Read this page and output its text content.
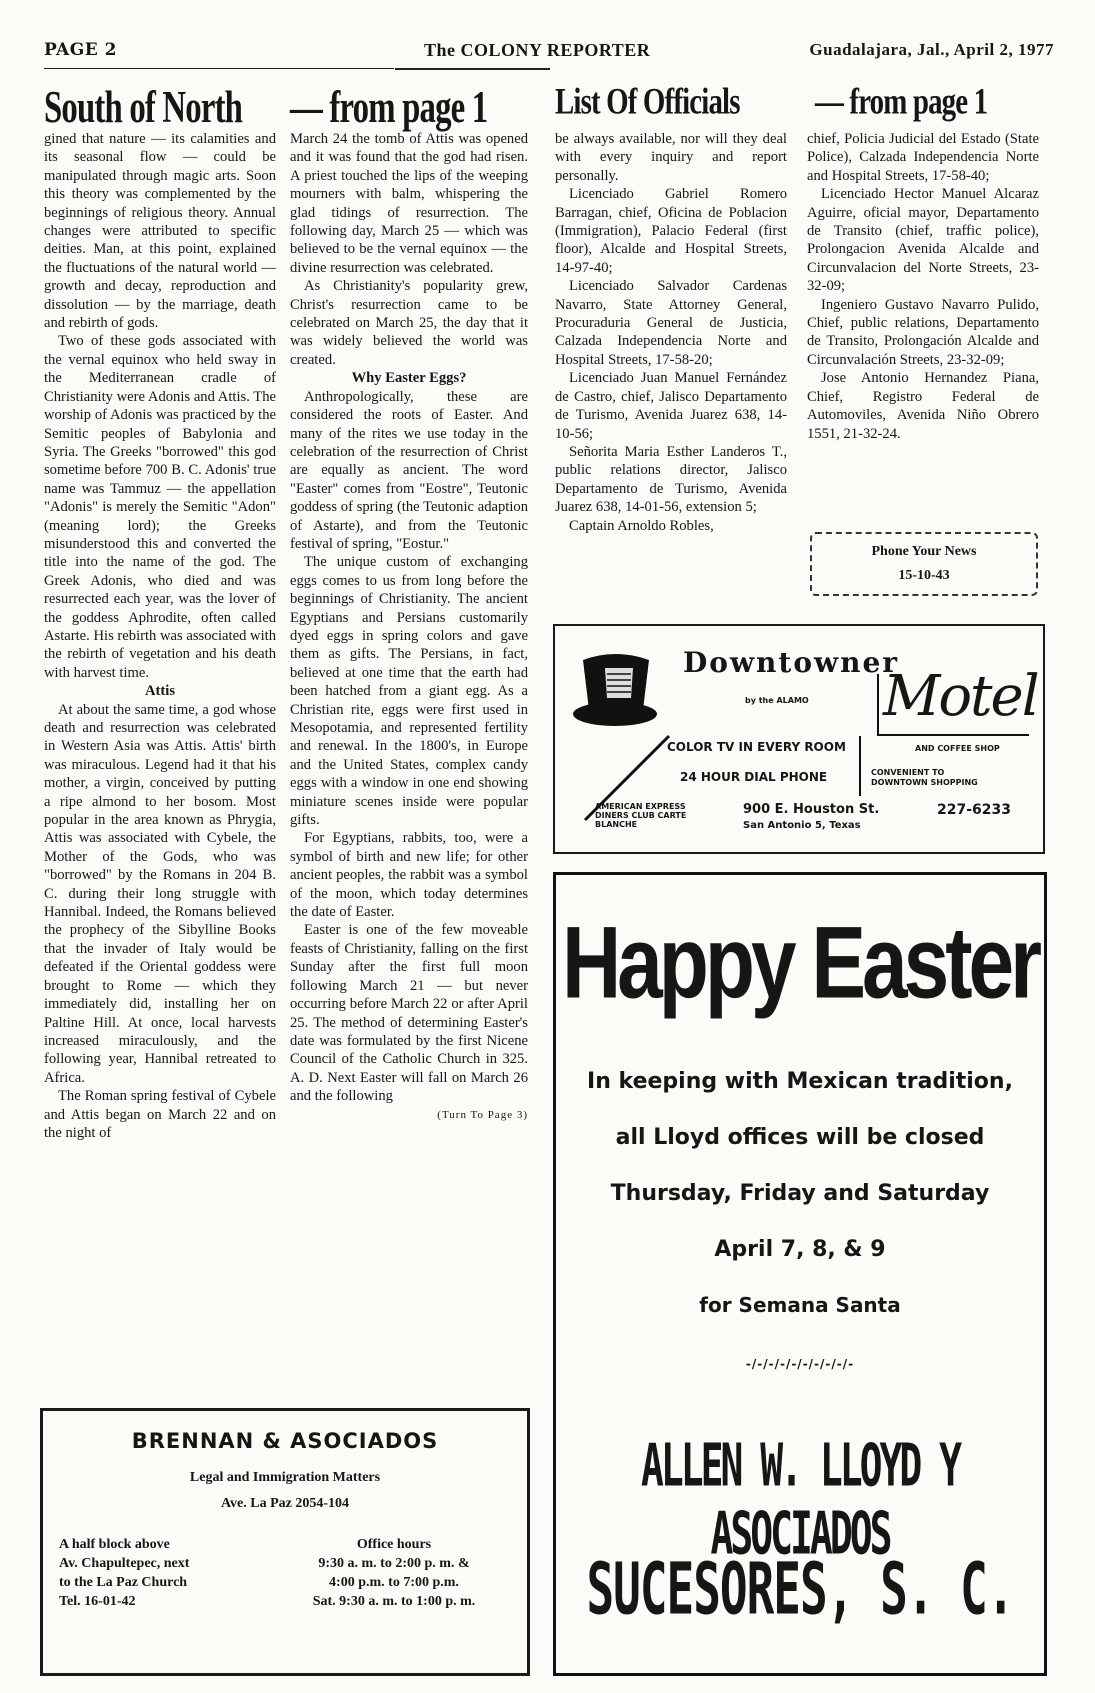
PAGE 2	The COLONY REPORTER	Guadalajara, Jal., April 2, 1977
South of North — from page 1 List Of Officials — from page 1

gined that nature — its calamities and its seasonal flow — could be manipulated through magic arts. Soon this theory was complemented by the beginnings of religious theory. Annual changes were attributed to specific deities. Man, at this point, explained the fluctuations of the natural world — growth and decay, reproduction and dissolution — by the marriage, death and rebirth of gods.

Two of these gods associated with the vernal equinox who held sway in the Mediterranean cradle of Christianity were Adonis and Attis. The worship of Adonis was practiced by the Semitic peoples of Babylonia and Syria. The Greeks "borrowed" this god sometime before 700 B. C. Adonis' true name was Tammuz — the appellation "Adonis" is merely the Semitic "Adon" (meaning lord); the Greeks misunderstood this and converted the title into the name of the god. The Greek Adonis, who died and was resurrected each year, was the lover of the goddess Aphrodite, often called Astarte. His rebirth was associated with the rebirth of vegetation and his death with harvest time.

Attis

At about the same time, a god whose death and resurrection was celebrated in Western Asia was Attis. Attis' birth was miraculous. Legend had it that his mother, a virgin, conceived by putting a ripe almond to her bosom. Most popular in the area known as Phrygia, Attis was associated with Cybele, the Mother of the Gods, who was "borrowed" by the Romans in 204 B. C. during their long struggle with Hannibal. Indeed, the Romans believed the prophecy of the Sibylline Books that the invader of Italy would be defeated if the Oriental goddess were brought to Rome — which they immediately did, installing her on Paltine Hill. At once, local harvests increased miraculously, and the following year, Hannibal retreated to Africa.

The Roman spring festival of Cybele and Attis began on March 22 and on the night of

March 24 the tomb of Attis was opened and it was found that the god had risen. A priest touched the lips of the weeping mourners with balm, whispering the glad tidings of resurrection. The following day, March 25 — which was believed to be the vernal equinox — the divine resurrection was celebrated.

As Christianity's popularity grew, Christ's resurrection came to be celebrated on March 25, the day that it was widely believed the world was created.

Why Easter Eggs?

Anthropologically, these are considered the roots of Easter. And many of the rites we use today in the celebration of the resurrection of Christ are equally as ancient. The word "Easter" comes from "Eostre", Teutonic goddess of spring (the Teutonic adaption of Astarte), and from the Teutonic festival of spring, "Eostur."

The unique custom of exchanging eggs comes to us from long before the beginnings of Christianity. The ancient Egyptians and Persians customarily dyed eggs in spring colors and gave them as gifts. The Persians, in fact, believed at one time that the earth had been hatched from a giant egg. As a Christian rite, eggs were first used in Mesopotamia, and represented fertility and renewal. In the 1800's, in Europe and the United States, complex candy eggs with a window in one end showing miniature scenes inside were popular gifts.

For Egyptians, rabbits, too, were a symbol of birth and new life; for other ancient peoples, the rabbit was a symbol of the moon, which today determines the date of Easter.

Easter is one of the few moveable feasts of Christianity, falling on the first Sunday after the first full moon following March 21 — but never occurring before March 22 or after April 25. The method of determining Easter's date was formulated by the first Nicene Council of the Catholic Church in 325. A. D. Next Easter will fall on March 26 and the following

(Turn To Page 3)

be always available, nor will they deal with every inquiry and report personally.

Licenciado Gabriel Romero Barragan, chief, Oficina de Poblacion (Immigration), Palacio Federal (first floor), Alcalde and Hospital Streets, 14-97-40;

Licenciado Salvador Cardenas Navarro, State Attorney General, Procuraduria General de Justicia, Calzada Independencia Norte and Hospital Streets, 17-58-20;

Licenciado Juan Manuel Fernández de Castro, chief, Jalisco Departamento de Turismo, Avenida Juarez 638, 14-10-56;

Señorita Maria Esther Landeros T., public relations director, Jalisco Departamento de Turismo, Avenida Juarez 638, 14-01-56, extension 5;

Captain Arnoldo Robles,

chief, Policia Judicial del Estado (State Police), Calzada Independencia Norte and Hospital Streets, 17-58-40;

Licenciado Hector Manuel Alcaraz Aguirre, oficial mayor, Departamento de Transito (chief, traffic police), Prolongacion Avenida Alcalde and Circunvalacion del Norte Streets, 23-32-09;

Ingeniero Gustavo Navarro Pulido, Chief, public relations, Departamento de Transito, Prolongación Alcalde and Circunvalación Streets, 23-32-09;

Jose Antonio Hernandez Piana, Chief, Registro Federal de Automoviles, Avenida Niño Obrero 1551, 21-32-24.

Phone Your News
15-10-43
Downtowner
by the ALAMO Motel
AND COFFEE SHOP
COLOR TV IN EVERY ROOM
24 HOUR DIAL PHONE	CONVENIENT TO DOWNTOWN SHOPPING
AMERICAN EXPRESS DINERS CLUB CARTE BLANCHE
900 E. Houston St.
San Antonio 5, Texas
227-6233
Happy Easter
In keeping with Mexican tradition,
all Lloyd offices will be closed
Thursday, Friday and Saturday
April 7, 8, & 9
for Semana Santa
-/-/-/-/-/-/-/-/-/-
ALLEN W. LLOYD Y ASOCIADOS
SUCESORES, S. C.
BRENNAN & ASOCIADOS
Legal and Immigration Matters
Ave. La Paz 2054-104
A half block above
Av. Chapultepec, next
to the La Paz Church
Tel. 16-01-42
Office hours
9:30 a. m. to 2:00 p. m. &
4:00 p.m. to 7:00 p.m.
Sat. 9:30 a. m. to 1:00 p. m.
